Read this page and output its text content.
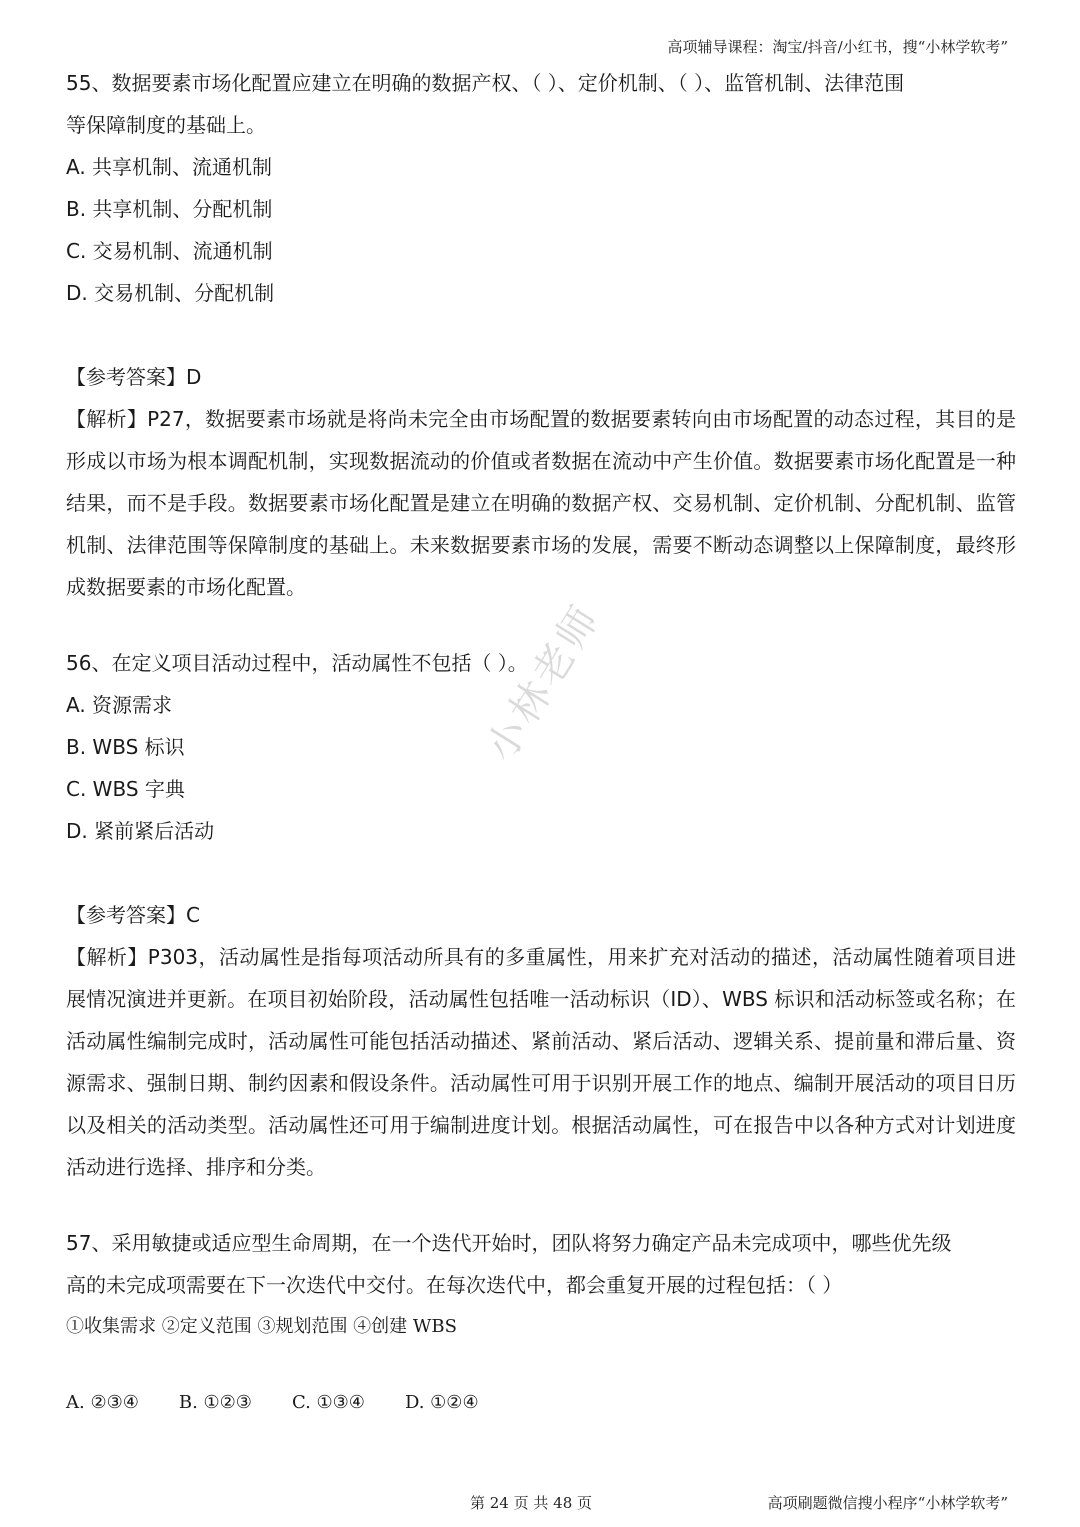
高项辅导课程：淘宝/抖音/小红书，搜“小林学软考”
小林老师
55、数据要素市场化配置应建立在明确的数据产权、（ ）、定价机制、（ ）、监管机制、法律范围
等保障制度的基础上。
A. 共享机制、流通机制
B. 共享机制、分配机制
C. 交易机制、流通机制
D. 交易机制、分配机制
【参考答案】D
【解析】P27，数据要素市场就是将尚未完全由市场配置的数据要素转向由市场配置的动态过程，其目的是形成以市场为根本调配机制，实现数据流动的价值或者数据在流动中产生价值。数据要素市场化配置是一种结果，而不是手段。数据要素市场化配置是建立在明确的数据产权、交易机制、定价机制、分配机制、监管机制、法律范围等保障制度的基础上。未来数据要素市场的发展，需要不断动态调整以上保障制度，最终形成数据要素的市场化配置。
56、在定义项目活动过程中，活动属性不包括（ ）。
A. 资源需求
B. WBS 标识
C. WBS 字典
D. 紧前紧后活动
【参考答案】C
【解析】P303，活动属性是指每项活动所具有的多重属性，用来扩充对活动的描述，活动属性随着项目进展情况演进并更新。在项目初始阶段，活动属性包括唯一活动标识（ID）、WBS 标识和活动标签或名称；在活动属性编制完成时，活动属性可能包括活动描述、紧前活动、紧后活动、逻辑关系、提前量和滞后量、资源需求、强制日期、制约因素和假设条件。活动属性可用于识别开展工作的地点、编制开展活动的项目日历以及相关的活动类型。活动属性还可用于编制进度计划。根据活动属性，可在报告中以各种方式对计划进度活动进行选择、排序和分类。
57、采用敏捷或适应型生命周期，在一个迭代开始时，团队将努力确定产品未完成项中，哪些优先级
高的未完成项需要在下一次迭代中交付。在每次迭代中，都会重复开展的过程包括：（ ）
①收集需求 ②定义范围 ③规划范围 ④创建 WBS
A. ②③④ B. ①②③ C. ①③④ D. ①②④
第 24 页 共 48 页	高项刷题微信搜小程序“小林学软考”
